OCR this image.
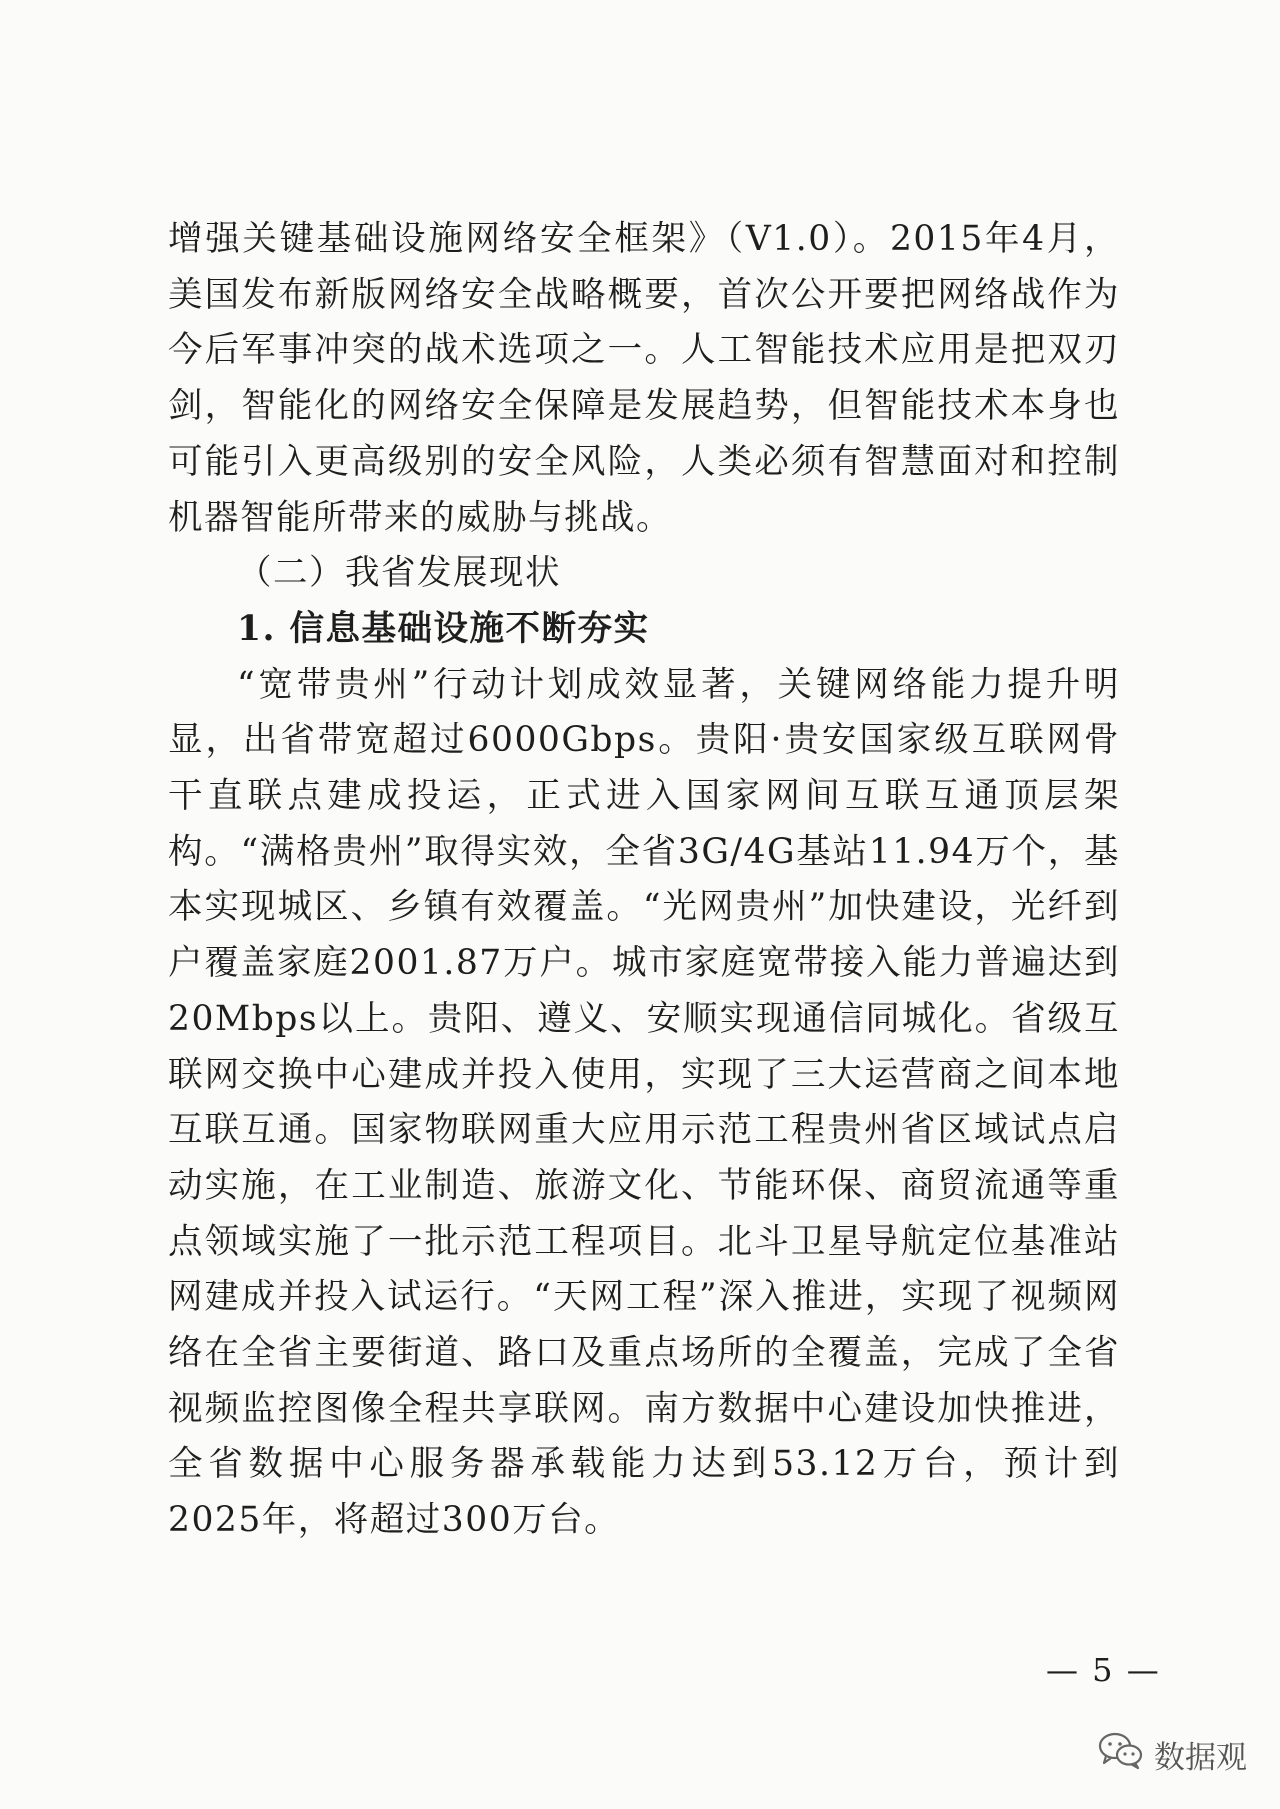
增强关键基础设施网络安全框架》（V1.0）。2015年4月，美国发布新版网络安全战略概要，首次公开要把网络战作为今后军事冲突的战术选项之一。人工智能技术应用是把双刃剑，智能化的网络安全保障是发展趋势，但智能技术本身也可能引入更高级别的安全风险，人类必须有智慧面对和控制机器智能所带来的威胁与挑战。

（二）我省发展现状

1. 信息基础设施不断夯实

“宽带贵州”行动计划成效显著，关键网络能力提升明显，出省带宽超过6000Gbps。贵阳·贵安国家级互联网骨干直联点建成投运，正式进入国家网间互联互通顶层架构。“满格贵州”取得实效，全省3G/4G基站11.94万个，基本实现城区、乡镇有效覆盖。“光网贵州”加快建设，光纤到户覆盖家庭2001.87万户。城市家庭宽带接入能力普遍达到20Mbps以上。贵阳、遵义、安顺实现通信同城化。省级互联网交换中心建成并投入使用，实现了三大运营商之间本地互联互通。国家物联网重大应用示范工程贵州省区域试点启动实施，在工业制造、旅游文化、节能环保、商贸流通等重点领域实施了一批示范工程项目。北斗卫星导航定位基准站网建成并投入试运行。“天网工程”深入推进，实现了视频网络在全省主要街道、路口及重点场所的全覆盖，完成了全省视频监控图像全程共享联网。南方数据中心建设加快推进，全省数据中心服务器承载能力达到53.12万台，预计到2025年，将超过300万台。

— 5 —
数据观
